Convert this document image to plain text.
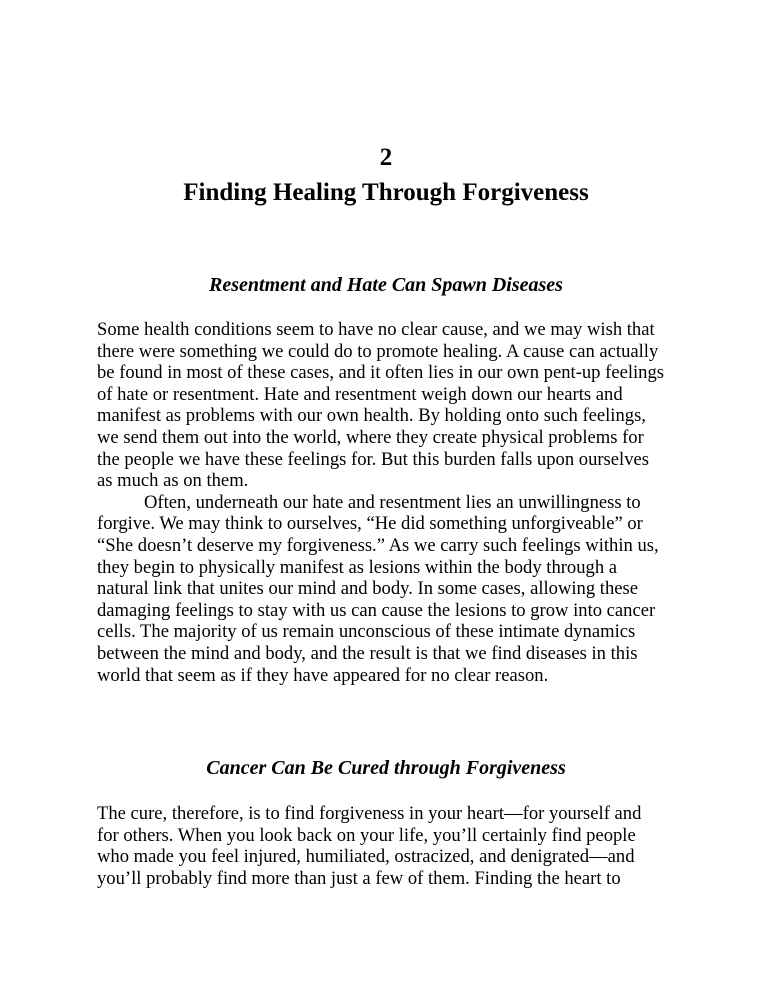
2
Finding Healing Through Forgiveness
Resentment and Hate Can Spawn Diseases
Some health conditions seem to have no clear cause, and we may wish that
there were something we could do to promote healing. A cause can actually
be found in most of these cases, and it often lies in our own pent-up feelings
of hate or resentment. Hate and resentment weigh down our hearts and
manifest as problems with our own health. By holding onto such feelings,
we send them out into the world, where they create physical problems for
the people we have these feelings for. But this burden falls upon ourselves
as much as on them.
Often, underneath our hate and resentment lies an unwillingness to
forgive. We may think to ourselves, “He did something unforgiveable” or
“She doesn’t deserve my forgiveness.” As we carry such feelings within us,
they begin to physically manifest as lesions within the body through a
natural link that unites our mind and body. In some cases, allowing these
damaging feelings to stay with us can cause the lesions to grow into cancer
cells. The majority of us remain unconscious of these intimate dynamics
between the mind and body, and the result is that we find diseases in this
world that seem as if they have appeared for no clear reason.
Cancer Can Be Cured through Forgiveness
The cure, therefore, is to find forgiveness in your heart—for yourself and
for others. When you look back on your life, you’ll certainly find people
who made you feel injured, humiliated, ostracized, and denigrated—and
you’ll probably find more than just a few of them. Finding the heart to
